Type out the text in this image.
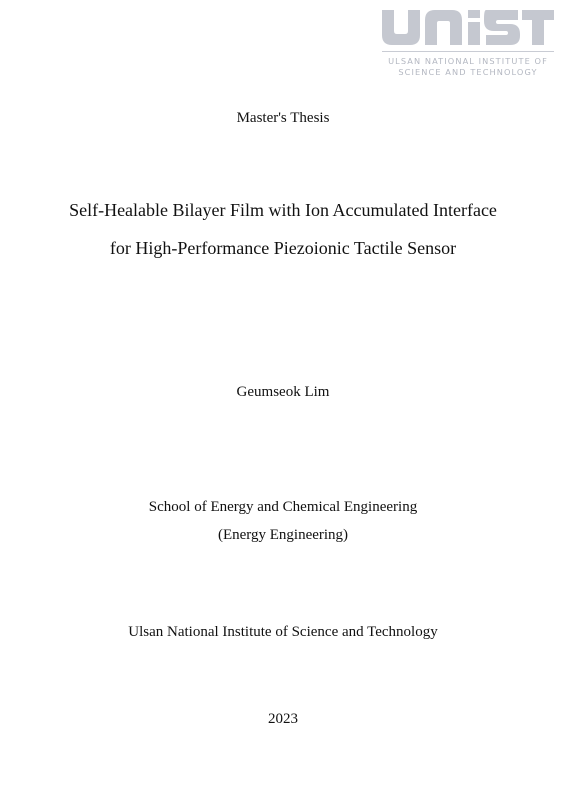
ULSAN NATIONAL INSTITUTE OF
SCIENCE AND TECHNOLOGY
Master's Thesis
Self-Healable Bilayer Film with Ion Accumulated Interface
for High-Performance Piezoionic Tactile Sensor
Geumseok Lim
School of Energy and Chemical Engineering
(Energy Engineering)
Ulsan National Institute of Science and Technology
2023
